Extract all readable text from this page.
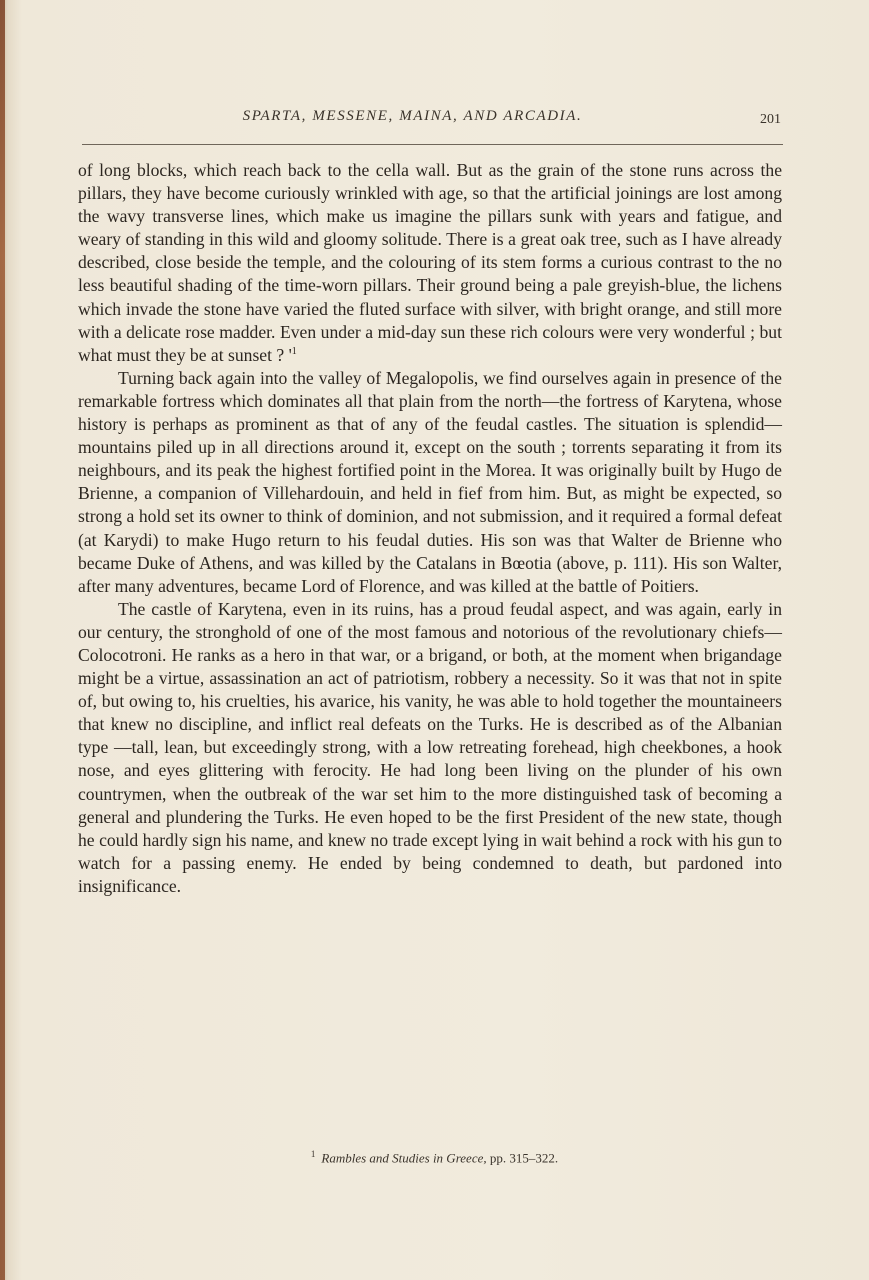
SPARTA, MESSENE, MAINA, AND ARCADIA.	201

of long blocks, which reach back to the cella wall. But as the grain of the stone runs across the pillars, they have become curiously wrinkled with age, so that the artificial joinings are lost among the wavy transverse lines, which make us imagine the pillars sunk with years and fatigue, and weary of standing in this wild and gloomy solitude. There is a great oak tree, such as I have already described, close beside the temple, and the colouring of its stem forms a curious contrast to the no less beautiful shading of the time-worn pillars. Their ground being a pale greyish-blue, the lichens which invade the stone have varied the fluted surface with silver, with bright orange, and still more with a delicate rose madder. Even under a mid-day sun these rich colours were very wonderful ; but what must they be at sunset ? '$^1$

Turning back again into the valley of Megalopolis, we find ourselves again in presence of the remarkable fortress which dominates all that plain from the north—the fortress of Karytena, whose history is perhaps as prominent as that of any of the feudal castles. The situation is splendid—mountains piled up in all directions around it, except on the south ; torrents separating it from its neighbours, and its peak the highest fortified point in the Morea. It was originally built by Hugo de Brienne, a companion of Villehardouin, and held in fief from him. But, as might be expected, so strong a hold set its owner to think of dominion, and not submission, and it required a formal defeat (at Karydi) to make Hugo return to his feudal duties. His son was that Walter de Brienne who became Duke of Athens, and was killed by the Catalans in Bœotia (above, p. 111). His son Walter, after many adventures, became Lord of Florence, and was killed at the battle of Poitiers.

The castle of Karytena, even in its ruins, has a proud feudal aspect, and was again, early in our century, the stronghold of one of the most famous and notorious of the revolutionary chiefs—Colocotroni. He ranks as a hero in that war, or a brigand, or both, at the moment when brigandage might be a virtue, assassination an act of patriotism, robbery a necessity. So it was that not in spite of, but owing to, his cruelties, his avarice, his vanity, he was able to hold together the mountaineers that knew no discipline, and inflict real defeats on the Turks. He is described as of the Albanian type —tall, lean, but exceedingly strong, with a low retreating forehead, high cheekbones, a hook nose, and eyes glittering with ferocity. He had long been living on the plunder of his own countrymen, when the outbreak of the war set him to the more distinguished task of becoming a general and plundering the Turks. He even hoped to be the first President of the new state, though he could hardly sign his name, and knew no trade except lying in wait behind a rock with his gun to watch for a passing enemy. He ended by being condemned to death, but pardoned into insignificance.

$^1$ Rambles and Studies in Greece, pp. 315–322.
